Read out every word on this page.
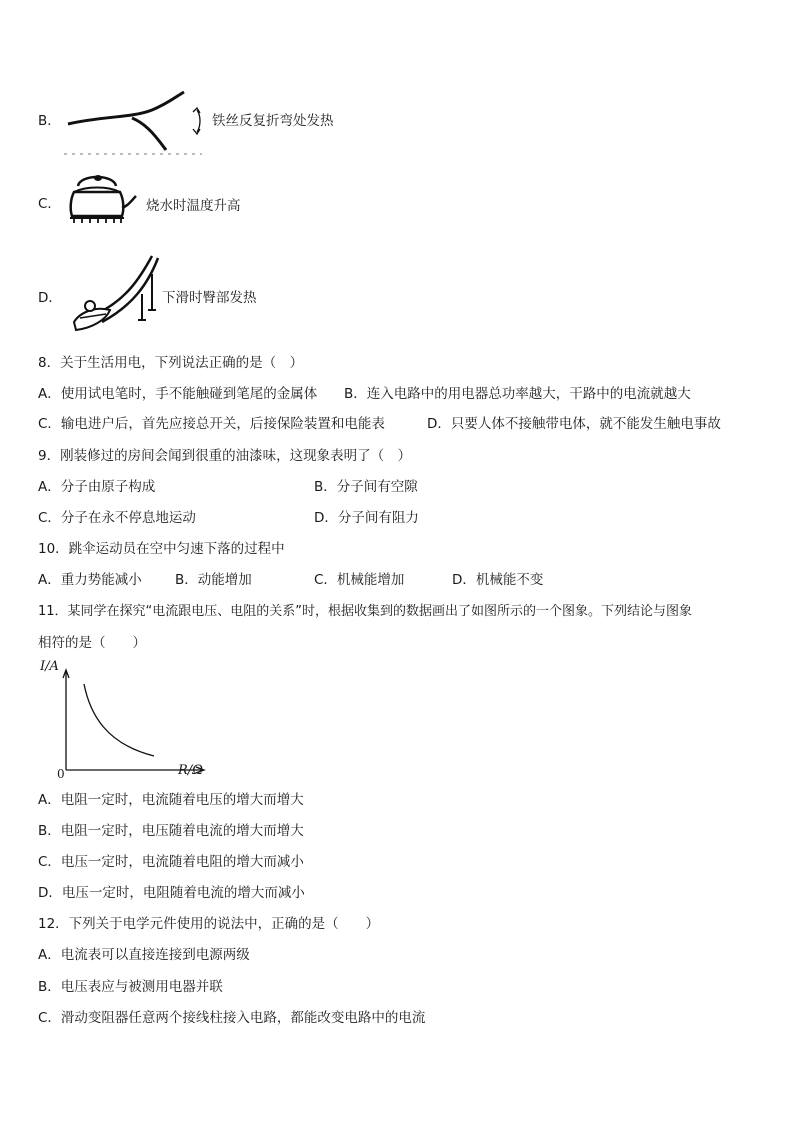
B．	铁丝反复折弯处发热
C．	烧水时温度升高
D．	下滑时臀部发热
8．关于生活用电，下列说法正确的是（　）
A．使用试电笔时，手不能触碰到笔尾的金属体 B．连入电路中的用电器总功率越大，干路中的电流就越大
C．输电进户后，首先应接总开关，后接保险装置和电能表	D．只要人体不接触带电体，就不能发生触电事故
9．刚装修过的房间会闻到很重的油漆味，这现象表明了（　）
A．分子由原子构成	B．分子间有空隙
C．分子在永不停息地运动	D．分子间有阻力
10．跳伞运动员在空中匀速下落的过程中
A．重力势能减小 B．动能增加	C．机械能增加	D．机械能不变
11．某同学在探究“电流跟电压、电阻的关系”时，根据收集到的数据画出了如图所示的一个图象。下列结论与图象
相符的是（　　）
I/A
R/Ω
0
A．电阻一定时，电流随着电压的增大而增大
B．电阻一定时，电压随着电流的增大而增大
C．电压一定时，电流随着电阻的增大而减小
D．电压一定时，电阻随着电流的增大而减小
12．下列关于电学元件使用的说法中，正确的是（　　）
A．电流表可以直接连接到电源两级
B．电压表应与被测用电器并联
C．滑动变阻器任意两个接线柱接入电路，都能改变电路中的电流
